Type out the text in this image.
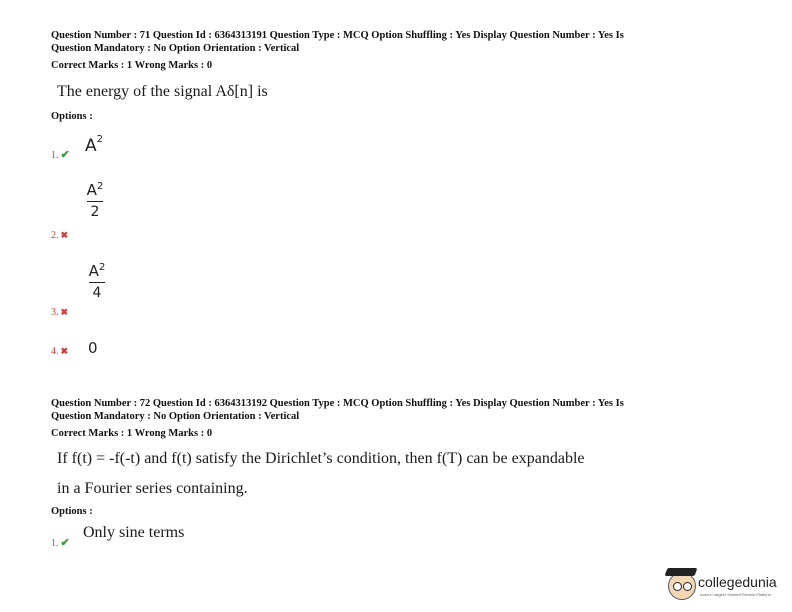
Question Number : 71 Question Id : 6364313191 Question Type : MCQ Option Shuffling : Yes Display Question Number : Yes Is
Question Mandatory : No Option Orientation : Vertical
Correct Marks : 1 Wrong Marks : 0
The energy of the signal Aδ[n] is
Options :
1. ✔ $A^2$
$A^2$
2
2. ✖
$A^2$
4
3. ✖
4. ✖ 0
Question Number : 72 Question Id : 6364313192 Question Type : MCQ Option Shuffling : Yes Display Question Number : Yes Is
Question Mandatory : No Option Orientation : Vertical
Correct Marks : 1 Wrong Marks : 0
If f(t) = -f(-t) and f(t) satisfy the Dirichlet’s condition, then f(T) can be expandable
in a Fourier series containing.
Options :
1. ✔
Only sine terms
collegedunia
India's Largest Student Review Platform
